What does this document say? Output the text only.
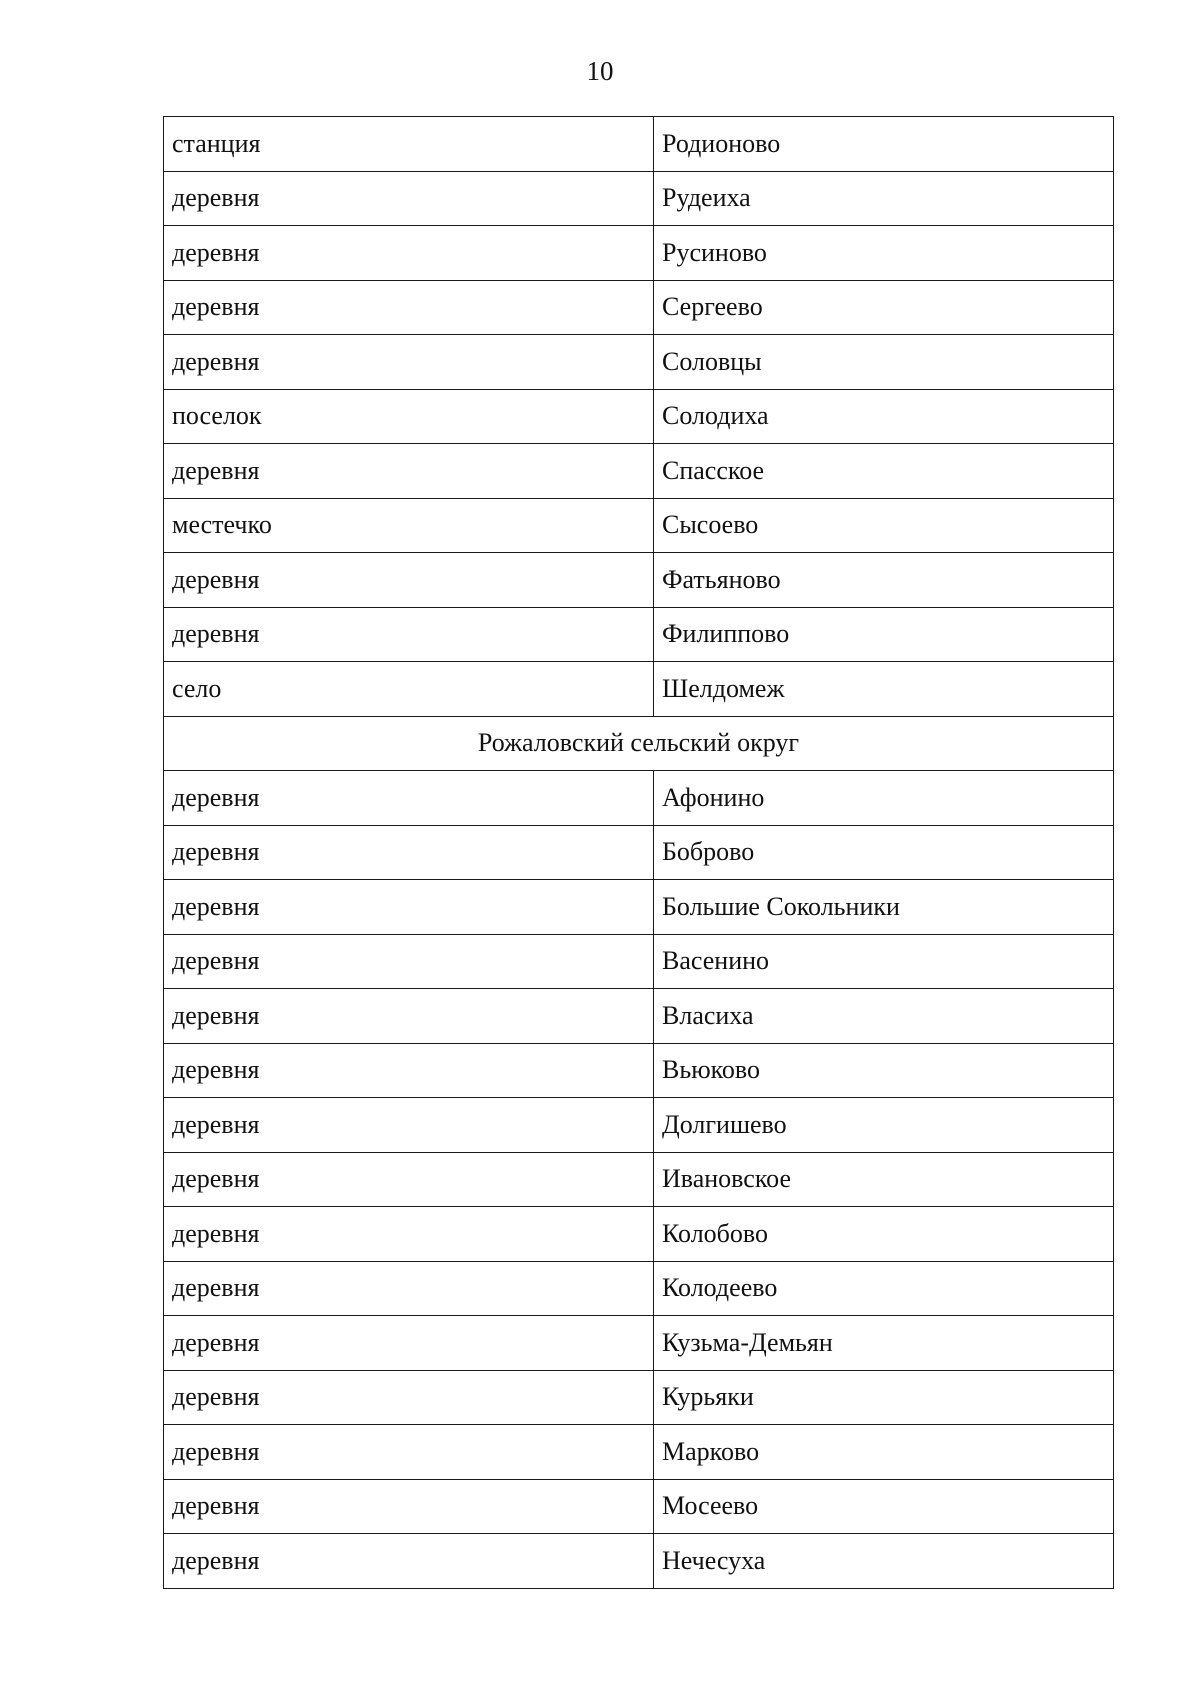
10
станция	Родионово
деревня	Рудеиха
деревня	Русиново
деревня	Сергеево
деревня	Соловцы
поселок	Солодиха
деревня	Спасское
местечко	Сысоево
деревня	Фатьяново
деревня	Филиппово
село	Шелдомеж
Рожаловский сельский округ	
деревня	Афонино
деревня	Боброво
деревня	Большие Сокольники
деревня	Васенино
деревня	Власиха
деревня	Вьюково
деревня	Долгишево
деревня	Ивановское
деревня	Колобово
деревня	Колодеево
деревня	Кузьма-Демьян
деревня	Курьяки
деревня	Марково
деревня	Мосеево
деревня	Нечесуха
